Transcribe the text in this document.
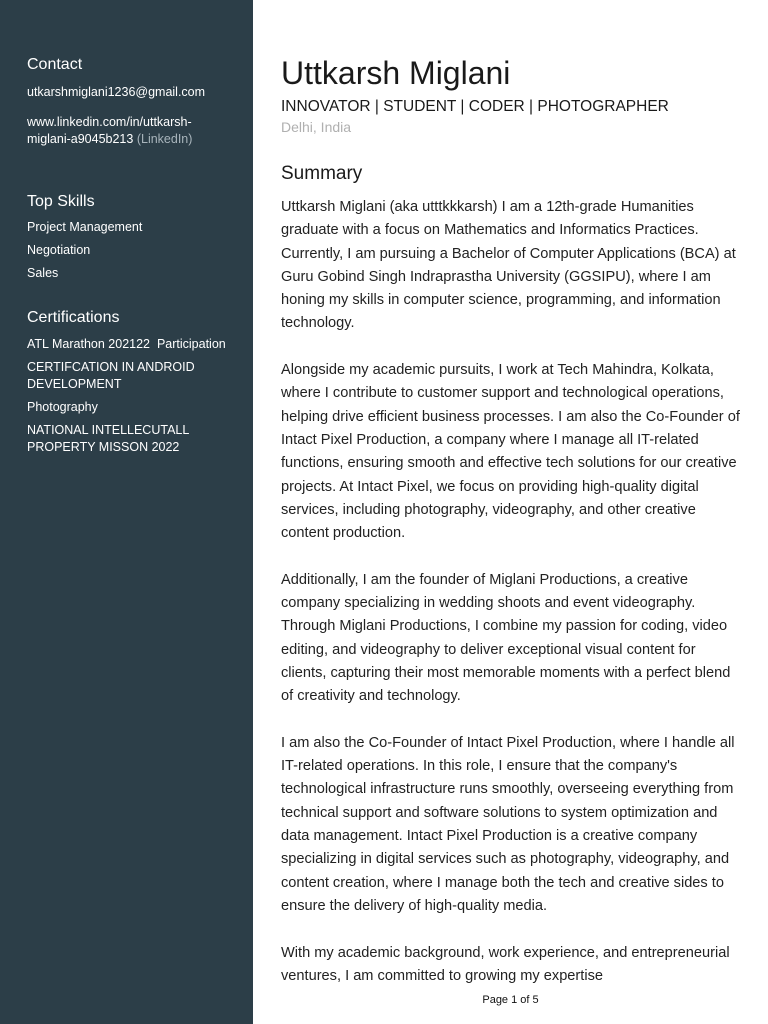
Contact
utkarshmiglani1236@gmail.com
www.linkedin.com/in/uttkarsh-miglani-a9045b213 (LinkedIn)
Top Skills
Project Management
Negotiation
Sales
Certifications
ATL Marathon 202122  Participation
CERTIFCATION IN ANDROID DEVELOPMENT
Photography
NATIONAL INTELLECUTALL PROPERTY MISSON 2022
Uttkarsh Miglani
INNOVATOR | STUDENT | CODER | PHOTOGRAPHER
Delhi, India
Summary

Uttkarsh Miglani (aka utttkkkarsh) I am a 12th-grade Humanities graduate with a focus on Mathematics and Informatics Practices. Currently, I am pursuing a Bachelor of Computer Applications (BCA) at Guru Gobind Singh Indraprastha University (GGSIPU), where I am honing my skills in computer science, programming, and information technology.

Alongside my academic pursuits, I work at Tech Mahindra, Kolkata, where I contribute to customer support and technological operations, helping drive efficient business processes. I am also the Co-Founder of Intact Pixel Production, a company where I manage all IT-related functions, ensuring smooth and effective tech solutions for our creative projects. At Intact Pixel, we focus on providing high-quality digital services, including photography, videography, and other creative content production.

Additionally, I am the founder of Miglani Productions, a creative company specializing in wedding shoots and event videography. Through Miglani Productions, I combine my passion for coding, video editing, and videography to deliver exceptional visual content for clients, capturing their most memorable moments with a perfect blend of creativity and technology.

I am also the Co-Founder of Intact Pixel Production, where I handle all IT-related operations. In this role, I ensure that the company's technological infrastructure runs smoothly, overseeing everything from technical support and software solutions to system optimization and data management. Intact Pixel Production is a creative company specializing in digital services such as photography, videography, and content creation, where I manage both the tech and creative sides to ensure the delivery of high-quality media.

With my academic background, work experience, and entrepreneurial ventures, I am committed to growing my expertise

Page 1 of 5
